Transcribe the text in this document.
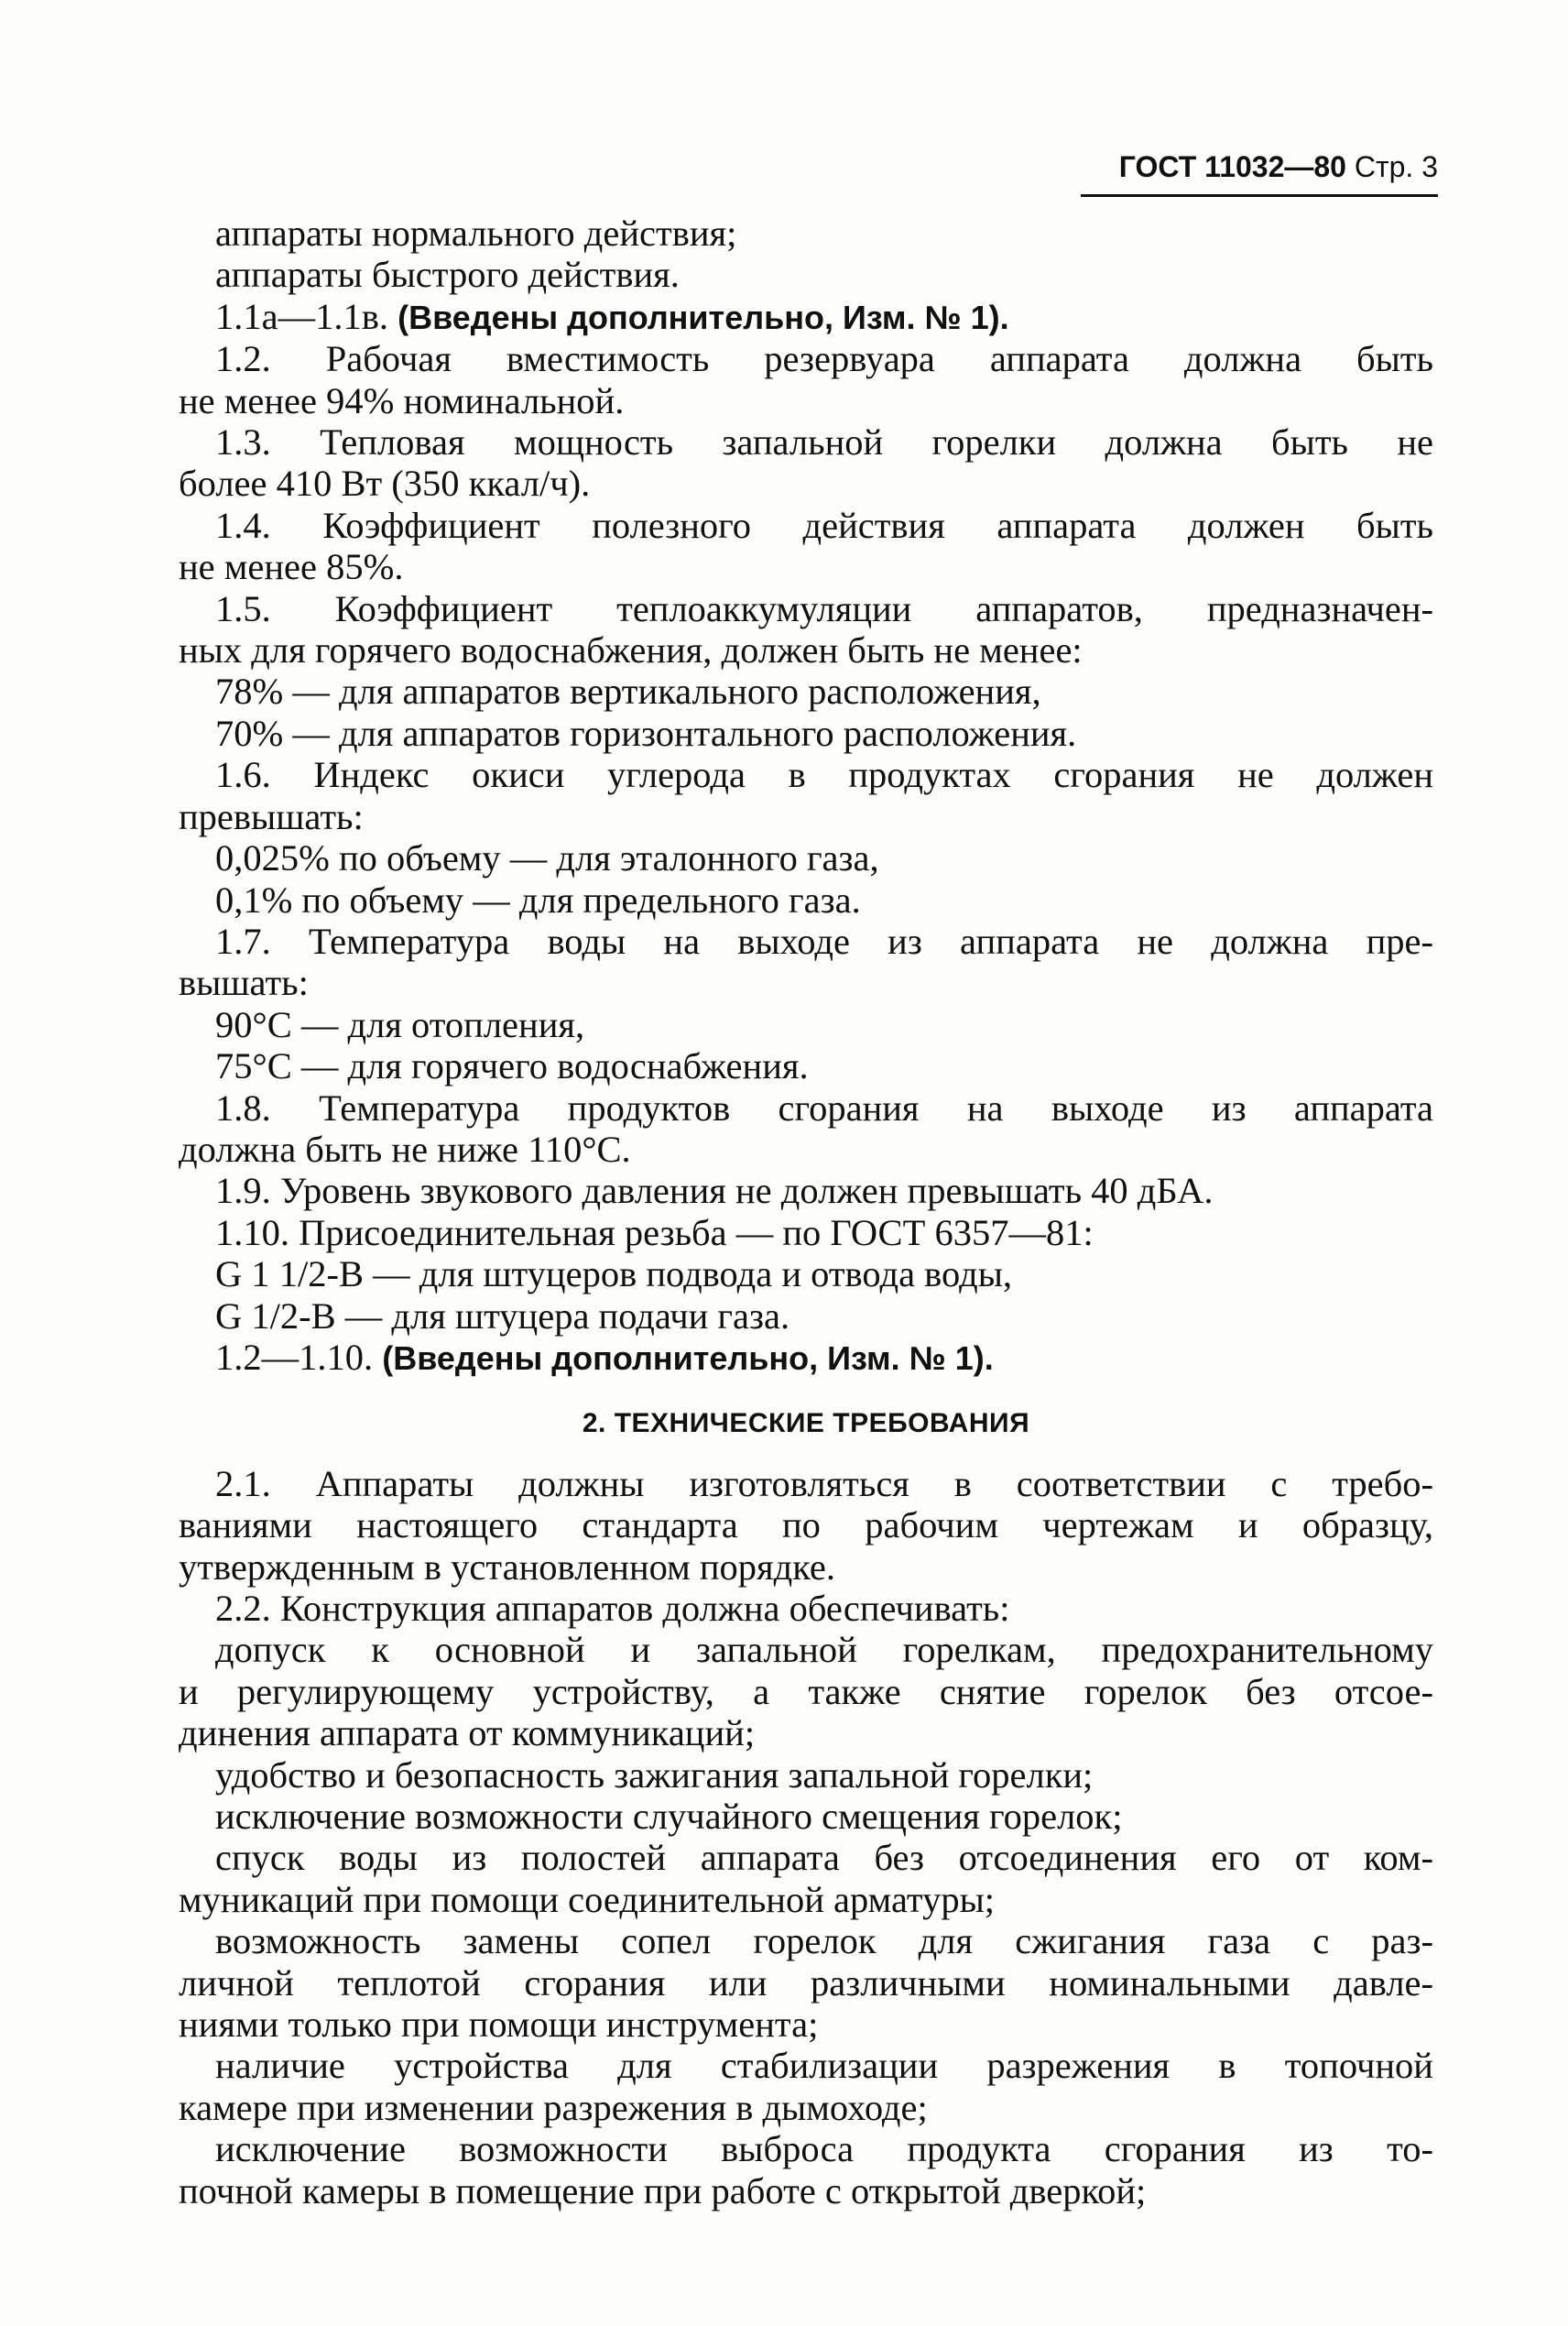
ГОСТ 11032—80 Стр. 3

аппараты нормального действия;

аппараты быстрого действия.

1.1а—1.1в. (Введены дополнительно, Изм. № 1).

1.2. Рабочая вместимость резервуара аппарата должна быть

не менее 94% номинальной.

1.3. Тепловая мощность запальной горелки должна быть не

более 410 Вт (350 ккал/ч).

1.4. Коэффициент полезного действия аппарата должен быть

не менее 85%.

1.5. Коэффициент теплоаккумуляции аппаратов, предназначен-

ных для горячего водоснабжения, должен быть не менее:

78% — для аппаратов вертикального расположения,

70% — для аппаратов горизонтального расположения.

1.6. Индекс окиси углерода в продуктах сгорания не должен

превышать:

0,025% по объему — для эталонного газа,

0,1% по объему — для предельного газа.

1.7. Температура воды на выходе из аппарата не должна пре-

вышать:

90°С — для отопления,

75°С — для горячего водоснабжения.

1.8. Температура продуктов сгорания на выходе из аппарата

должна быть не ниже 110°С.

1.9. Уровень звукового давления не должен превышать 40 дБА.

1.10. Присоединительная резьба — по ГОСТ 6357—81:

G 1 1/2-В — для штуцеров подвода и отвода воды,

G 1/2-В — для штуцера подачи газа.

1.2—1.10. (Введены дополнительно, Изм. № 1).

2. ТЕХНИЧЕСКИЕ ТРЕБОВАНИЯ

2.1. Аппараты должны изготовляться в соответствии с требо-

ваниями настоящего стандарта по рабочим чертежам и образцу,

утвержденным в установленном порядке.

2.2. Конструкция аппаратов должна обеспечивать:

допуск к основной и запальной горелкам, предохранительному

и регулирующему устройству, а также снятие горелок без отсое-

динения аппарата от коммуникаций;

удобство и безопасность зажигания запальной горелки;

исключение возможности случайного смещения горелок;

спуск воды из полостей аппарата без отсоединения его от ком-

муникаций при помощи соединительной арматуры;

возможность замены сопел горелок для сжигания газа с раз-

личной теплотой сгорания или различными номинальными давле-

ниями только при помощи инструмента;

наличие устройства для стабилизации разрежения в топочной

камере при изменении разрежения в дымоходе;

исключение возможности выброса продукта сгорания из то-

почной камеры в помещение при работе с открытой дверкой;
